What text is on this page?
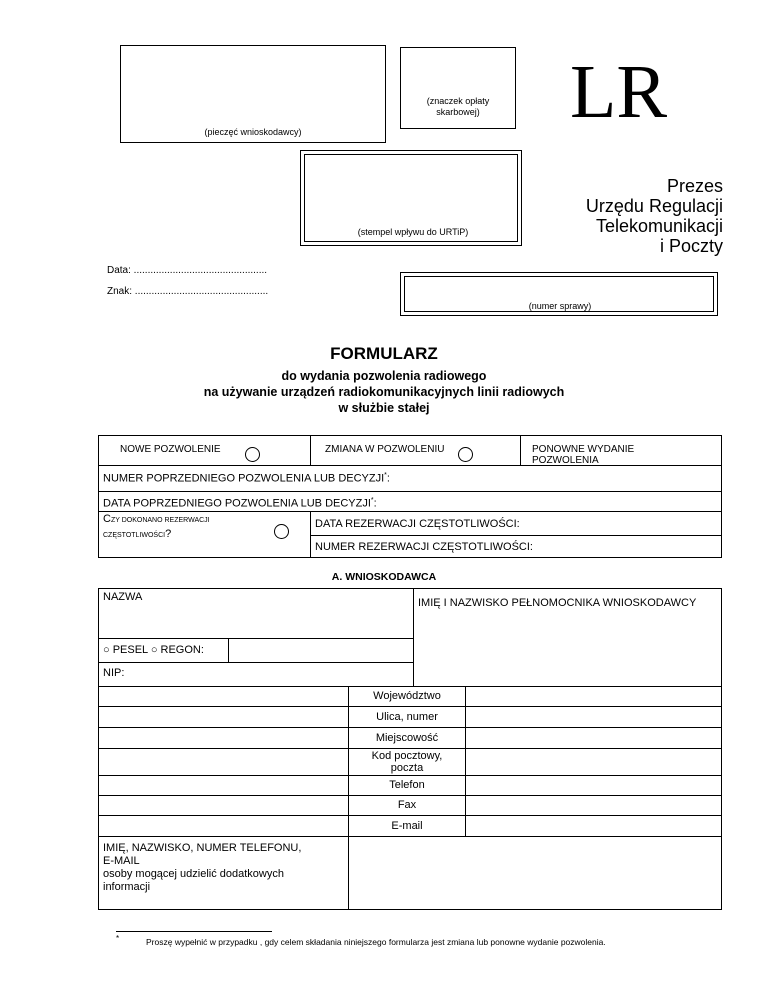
(pieczęć wnioskodawcy)
(znaczek opłaty skarbowej)	LR
(stempel wpływu do URTiP)
Prezes
Urzędu Regulacji
Telekomunikacji
i Poczty
Data: ................................................
Znak: ................................................
(numer sprawy)
FORMULARZ
do wydania pozwolenia radiowego
na używanie urządzeń radiokomunikacyjnych linii radiowych
w służbie stałej
NOWE POZWOLENIE	ZMIANA W POZWOLENIU	PONOWNE WYDANIE
POZWOLENIA
NUMER POPRZEDNIEGO POZWOLENIA LUB DECYZJI*:
DATA POPRZEDNIEGO POZWOLENIA LUB DECYZJI*:
CZY DOKONANO REZERWACJI
CZĘSTOTLIWOŚCI?
DATA REZERWACJI CZĘSTOTLIWOŚCI:
NUMER REZERWACJI CZĘSTOTLIWOŚCI:
A. WNIOSKODAWCA
NAZWA	IMIĘ I NAZWISKO PEŁNOMOCNIKA WNIOSKODAWCY
○ PESEL ○ REGON:
NIP:
Województwo
Ulica, numer
Miejscowość
Kod pocztowy, poczta
Telefon
Fax
E-mail
IMIĘ, NAZWISKO, NUMER TELEFONU,
E-MAIL
osoby mogącej udzielić dodatkowych
informacji
*	Proszę wypełnić w przypadku , gdy celem składania niniejszego formularza jest zmiana lub ponowne wydanie pozwolenia.
